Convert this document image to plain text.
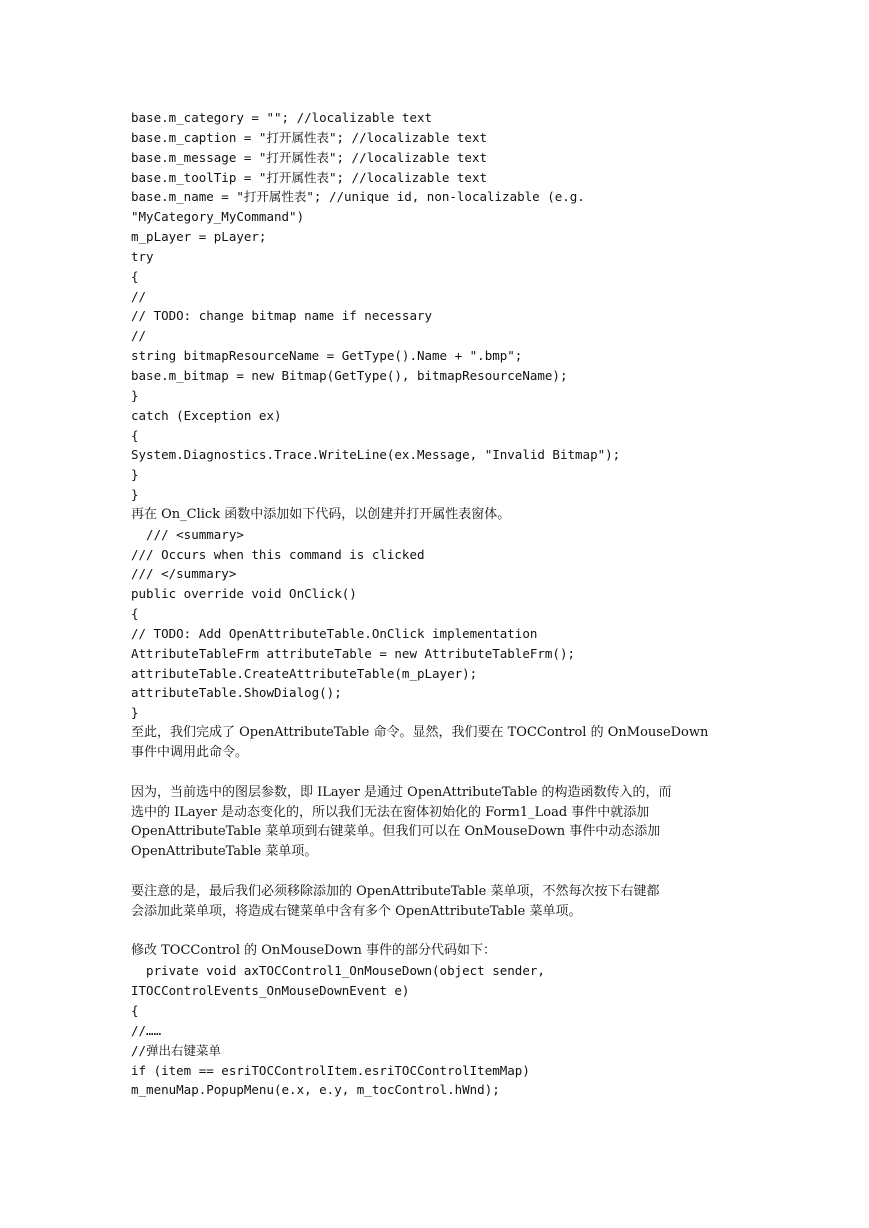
base.m_category = ""; //localizable text
base.m_caption = "打开属性表"; //localizable text
base.m_message = "打开属性表"; //localizable text
base.m_toolTip = "打开属性表"; //localizable text
base.m_name = "打开属性表"; //unique id, non-localizable (e.g.
"MyCategory_MyCommand")
m_pLayer = pLayer;
try
{
//
// TODO: change bitmap name if necessary
//
string bitmapResourceName = GetType().Name + ".bmp";
base.m_bitmap = new Bitmap(GetType(), bitmapResourceName);
}
catch (Exception ex)
{
System.Diagnostics.Trace.WriteLine(ex.Message, "Invalid Bitmap");
}
}
再在 On_Click 函数中添加如下代码，以创建并打开属性表窗体。
/// <summary>
/// Occurs when this command is clicked
/// </summary>
public override void OnClick()
{
// TODO: Add OpenAttributeTable.OnClick implementation
AttributeTableFrm attributeTable = new AttributeTableFrm();
attributeTable.CreateAttributeTable(m_pLayer);
attributeTable.ShowDialog();
}
至此，我们完成了 OpenAttributeTable 命令。显然，我们要在 TOCControl 的 OnMouseDown
事件中调用此命令。
因为，当前选中的图层参数，即 ILayer 是通过 OpenAttributeTable 的构造函数传入的，而
选中的 ILayer 是动态变化的，所以我们无法在窗体初始化的 Form1_Load 事件中就添加
OpenAttributeTable 菜单项到右键菜单。但我们可以在 OnMouseDown 事件中动态添加
OpenAttributeTable 菜单项。
要注意的是，最后我们必须移除添加的 OpenAttributeTable 菜单项，不然每次按下右键都
会添加此菜单项，将造成右键菜单中含有多个 OpenAttributeTable 菜单项。
修改 TOCControl 的 OnMouseDown 事件的部分代码如下：
private void axTOCControl1_OnMouseDown(object sender,
ITOCControlEvents_OnMouseDownEvent e)
{
//……
//弹出右键菜单
if (item == esriTOCControlItem.esriTOCControlItemMap)
m_menuMap.PopupMenu(e.x, e.y, m_tocControl.hWnd);
